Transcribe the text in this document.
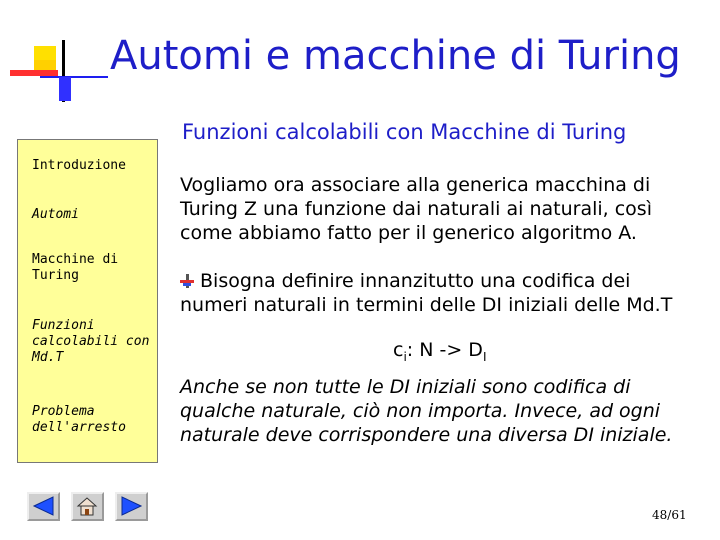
Automi e macchine di Turing
Funzioni calcolabili con Macchine di Turing
Introduzione
Automi
Macchine di Turing
Funzioni calcolabili con Md.T
Problema dell'arresto
Vogliamo ora associare alla generica macchina di Turing Z una funzione dai naturali ai naturali, così come abbiamo fatto per il generico algoritmo A.
Bisogna definire innanzitutto una codifica dei numeri naturali in termini delle DI iniziali delle Md.T
$c_i$: $N -> D_I$
Anche se non tutte le DI iniziali sono codifica di qualche naturale, ciò non importa. Invece, ad ogni naturale deve corrispondere una diversa DI iniziale.
48/61
